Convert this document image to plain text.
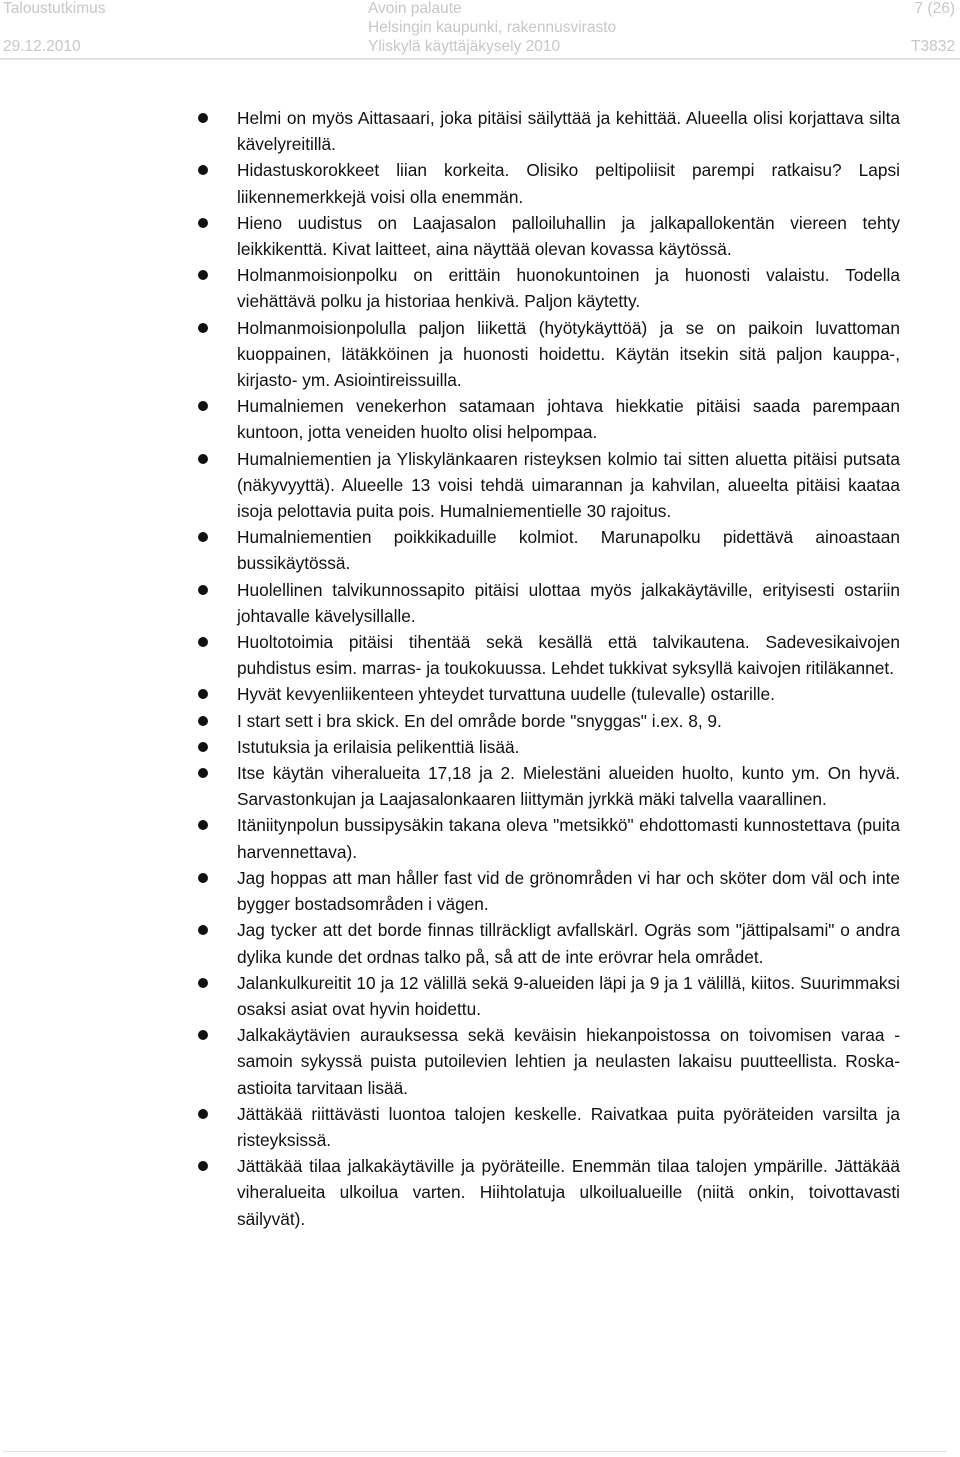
Taloustutkimus
29.12.2010
Avoin palaute
Helsingin kaupunki, rakennusvirasto
Yliskylä käyttäjäkysely 2010
7 (26)
T3832
Helmi on myös Aittasaari, joka pitäisi säilyttää ja kehittää. Alueella olisi korjattava silta kävelyreitillä.
Hidastuskorokkeet liian korkeita. Olisiko peltipoliisit parempi ratkaisu? Lapsi liikennemerkkejä voisi olla enemmän.
Hieno uudistus on Laajasalon palloiluhallin ja jalkapallokentän viereen tehty leikkikenttä. Kivat laitteet, aina näyttää olevan kovassa käytössä.
Holmanmoisionpolku on erittäin huonokuntoinen ja huonosti valaistu. Todella viehättävä polku ja historiaa henkivä. Paljon käytetty.
Holmanmoisionpolulla paljon liikettä (hyötykäyttöä) ja se on paikoin luvattoman kuoppainen, lätäkköinen ja huonosti hoidettu. Käytän itsekin sitä paljon kauppa-, kirjasto- ym. Asiointireissuilla.
Humalniemen venekerhon satamaan johtava hiekkatie pitäisi saada parempaan kuntoon, jotta veneiden huolto olisi helpompaa.
Humalniementien ja Yliskylänkaaren risteyksen kolmio tai sitten aluetta pitäisi putsata (näkyvyyttä). Alueelle 13 voisi tehdä uimarannan ja kahvilan, alueelta pitäisi kaataa isoja pelottavia puita pois. Humalniementielle 30 rajoitus.
Humalniementien poikkikaduille kolmiot. Marunapolku pidettävä ainoastaan bussikäytössä.
Huolellinen talvikunnossapito pitäisi ulottaa myös jalkakäytäville, erityisesti ostariin johtavalle kävelysillalle.
Huoltotoimia pitäisi tihentää sekä kesällä että talvikautena. Sadevesikaivojen puhdistus esim. marras- ja toukokuussa. Lehdet tukkivat syksyllä kaivojen ritiläkannet.
Hyvät kevyenliikenteen yhteydet turvattuna uudelle (tulevalle) ostarille.
I start sett i bra skick. En del område borde "snyggas" i.ex. 8, 9.
Istutuksia ja erilaisia pelikenttiä lisää.
Itse käytän viheralueita 17,18 ja 2. Mielestäni alueiden huolto, kunto ym. On hyvä. Sarvastonkujan ja Laajasalonkaaren liittymän jyrkkä mäki talvella vaarallinen.
Itäniitynpolun bussipysäkin takana oleva "metsikkö" ehdottomasti kunnostettava (puita harvennettava).
Jag hoppas att man håller fast vid de grönområden vi har och sköter dom väl och inte bygger bostadsområden i vägen.
Jag tycker att det borde finnas tillräckligt avfallskärl. Ogräs som "jättipalsami" o andra dylika kunde det ordnas talko på, så att de inte erövrar hela området.
Jalankulkureitit 10 ja 12 välillä sekä 9-alueiden läpi ja 9 ja 1 välillä, kiitos. Suurimmaksi osaksi asiat ovat hyvin hoidettu.
Jalkakäytävien aurauksessa sekä keväisin hiekanpoistossa on toivomisen varaa - samoin sykyssä puista putoilevien lehtien ja neulasten lakaisu puutteellista. Roska-astioita tarvitaan lisää.
Jättäkää riittävästi luontoa talojen keskelle. Raivatkaa puita pyöräteiden varsilta ja risteyksissä.
Jättäkää tilaa jalkakäytäville ja pyöräteille. Enemmän tilaa talojen ympärille. Jättäkää viheralueita ulkoilua varten. Hiihtolatuja ulkoilualueille (niitä onkin, toivottavasti säilyvät).
